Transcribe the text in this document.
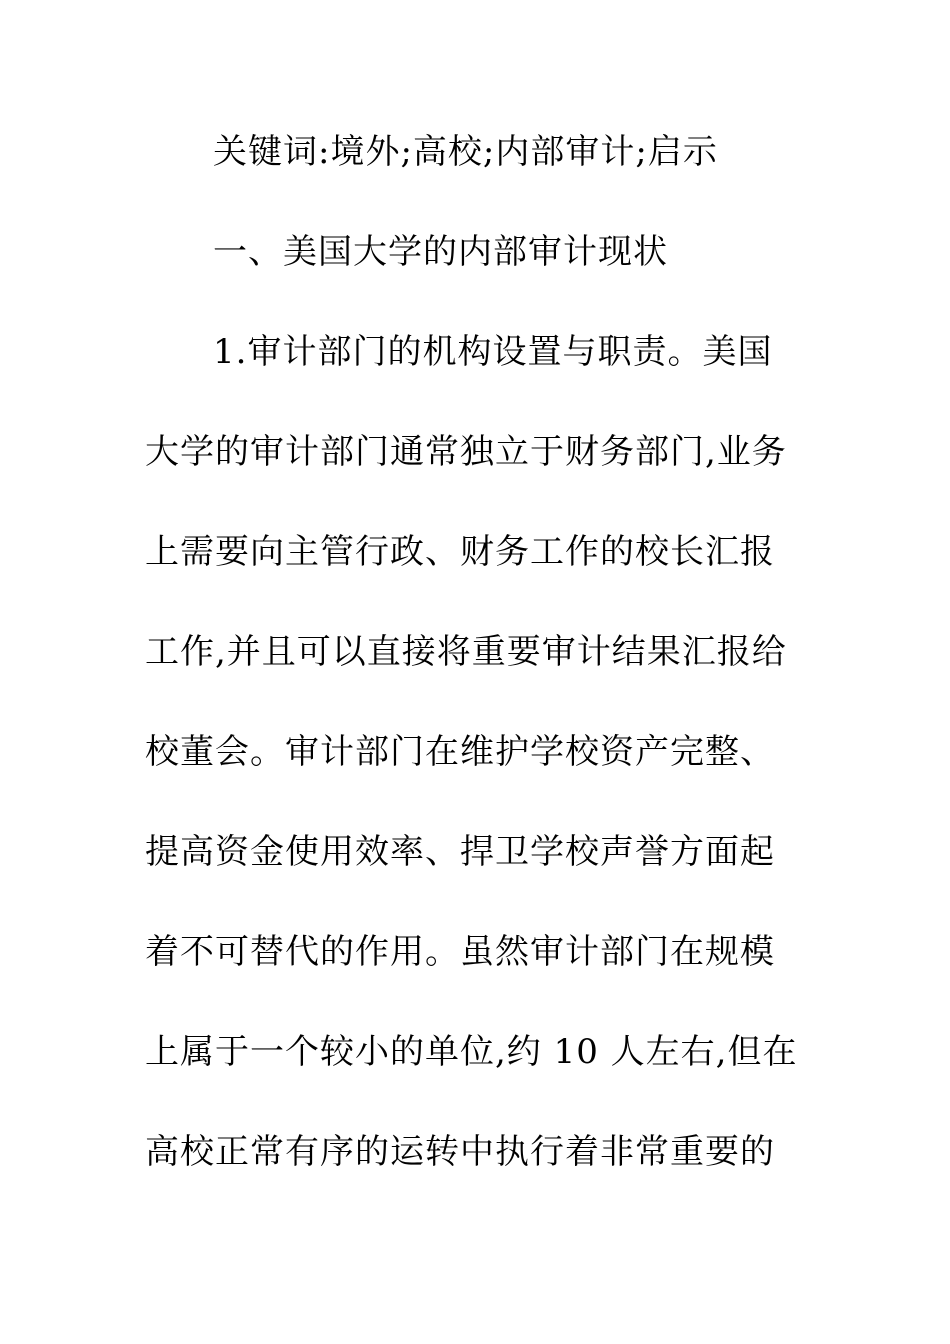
关键词:境外;高校;内部审计;启示
一、美国大学的内部审计现状
1.审计部门的机构设置与职责。美国
大学的审计部门通常独立于财务部门,业务
上需要向主管行政、财务工作的校长汇报
工作,并且可以直接将重要审计结果汇报给
校董会。审计部门在维护学校资产完整、
提高资金使用效率、捍卫学校声誉方面起
着不可替代的作用。虽然审计部门在规模
上属于一个较小的单位,约 10 人左右,但在
高校正常有序的运转中执行着非常重要的
